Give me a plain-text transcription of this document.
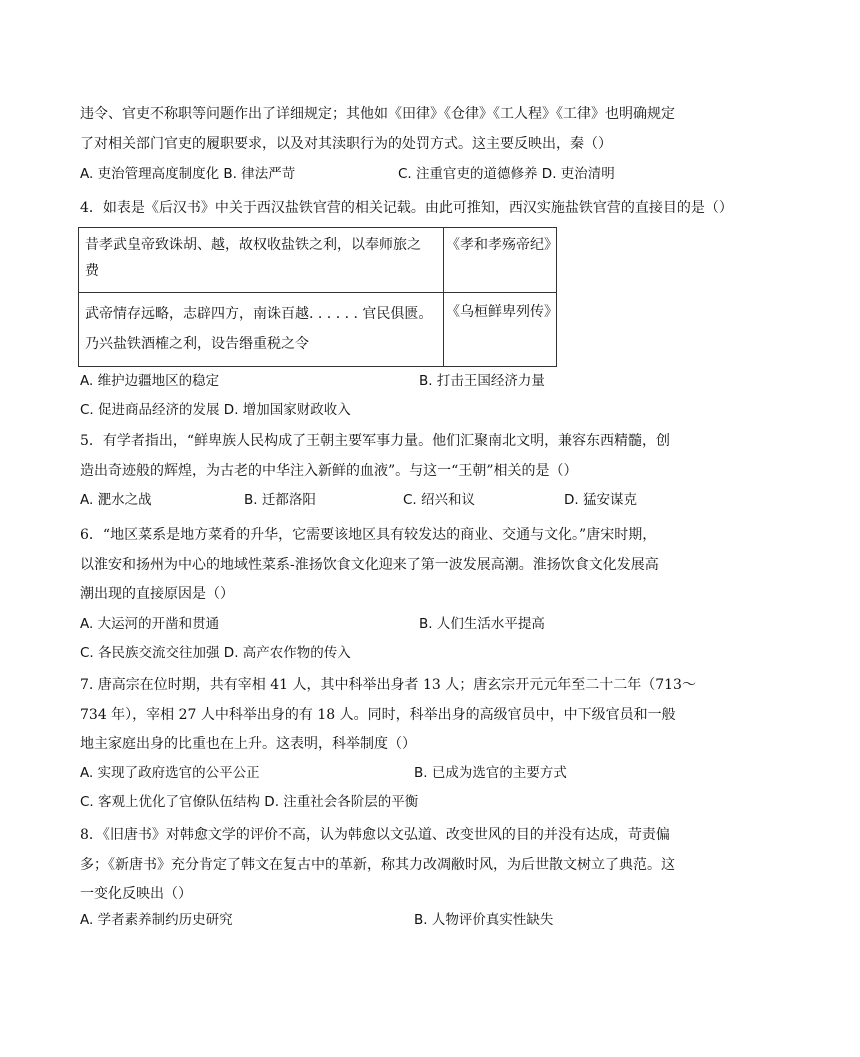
违令、官吏不称职等问题作出了详细规定；其他如《田律》《仓律》《工人程》《工律》也明确规定
了对相关部门官吏的履职要求，以及对其渎职行为的处罚方式。这主要反映出，秦（）
A. 吏治管理高度制度化 B. 律法严苛	C. 注重官吏的道德修养 D. 吏治清明
4．如表是《后汉书》中关于西汉盐铁官营的相关记载。由此可推知，西汉实施盐铁官营的直接目的是（）
昔孝武皇帝致诛胡、越，故权收盐铁之利，以奉师旅之
费	《孝和孝殇帝纪》

武帝情存远略，志辟四方，南诛百越. . . . . . 官民俱匮。
乃兴盐铁酒榷之利，设告缗重税之令	《乌桓鲜卑列传》
A. 维护边疆地区的稳定	B. 打击王国经济力量
C. 促进商品经济的发展 D. 增加国家财政收入
5．有学者指出，“鲜卑族人民构成了王朝主要军事力量。他们汇聚南北文明，兼容东西精髓，创
造出奇迹般的辉煌，为古老的中华注入新鲜的血液”。与这一“王朝”相关的是（）
A. 淝水之战	B. 迁都洛阳	C. 绍兴和议	D. 猛安谋克
6．“地区菜系是地方菜肴的升华，它需要该地区具有较发达的商业、交通与文化。”唐宋时期，
以淮安和扬州为中心的地域性菜系-淮扬饮食文化迎来了第一波发展高潮。淮扬饮食文化发展高
潮出现的直接原因是（）
A. 大运河的开凿和贯通	B. 人们生活水平提高
C. 各民族交流交往加强 D. 高产农作物的传入
7. 唐高宗在位时期，共有宰相 41 人，其中科举出身者 13 人；唐玄宗开元元年至二十二年（713～
734 年），宰相 27 人中科举出身的有 18 人。同时，科举出身的高级官员中，中下级官员和一般
地主家庭出身的比重也在上升。这表明，科举制度（）
A. 实现了政府选官的公平公正	B. 已成为选官的主要方式
C. 客观上优化了官僚队伍结构 D. 注重社会各阶层的平衡
8．《旧唐书》对韩愈文学的评价不高，认为韩愈以文弘道、改变世风的目的并没有达成，苛责偏
多；《新唐书》充分肯定了韩文在复古中的革新，称其力改凋敝时风，为后世散文树立了典范。这
一变化反映出（）
A. 学者素养制约历史研究	B. 人物评价真实性缺失
